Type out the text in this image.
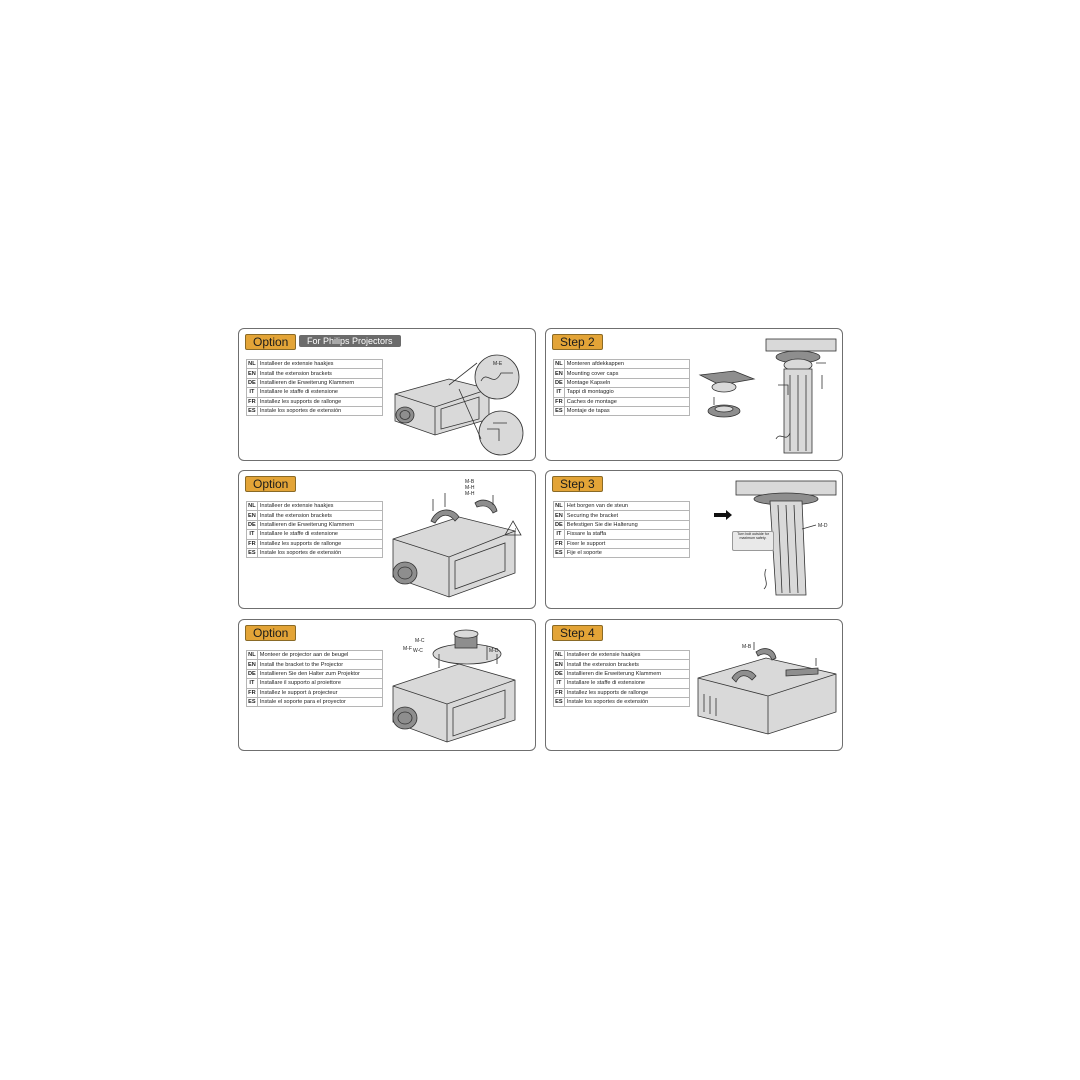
Option	For Philips Projectors
NL	Installeer de extensie haakjes
EN	Install the extension brackets
DE	Installieren die Erweiterung Klammern
IT	Installare le staffe di estensione
FR	Installez les supports de rallonge
ES	Instale los soportes de extensión
M-E
Step 2
NL	Monteren afdekkappen
EN	Mounting cover caps
DE	Montage Kapseln
IT	Tappi di montaggio
FR	Caches de montage
ES	Montaje de tapas
Option
NL	Installeer de extensie haakjes
EN	Install the extension brackets
DE	Installieren die Erweiterung Klammern
IT	Installare le staffe di estensione
FR	Installez les supports de rallonge
ES	Instale los soportes de extensión
!
M-B
M-H
M-H
Step 3
NL	Het borgen van de steun
EN	Securing the bracket
DE	Befestigen Sie die Halterung
IT	Fissare la staffa
FR	Fixer le support
ES	Fije el soporte
M-D
Turn bolt outside for maximum safety.
Option
NL	Monteer de projector aan de beugel
EN	Install the bracket to the Projector
DE	Installieren Sie den Halter zum Projektor
IT	Installare il supporto al proiettore
FR	Installez le support à projecteur
ES	Instale el soporte para el proyector
M-C
M-F W-C	M-D
Step 4
NL	Installeer de extensie haakjes
EN	Install the extension brackets
DE	Installieren die Erweiterung Klammern
IT	Installare le staffe di estensione
FR	Installez les supports de rallonge
ES	Instale los soportes de extensión
M-B
